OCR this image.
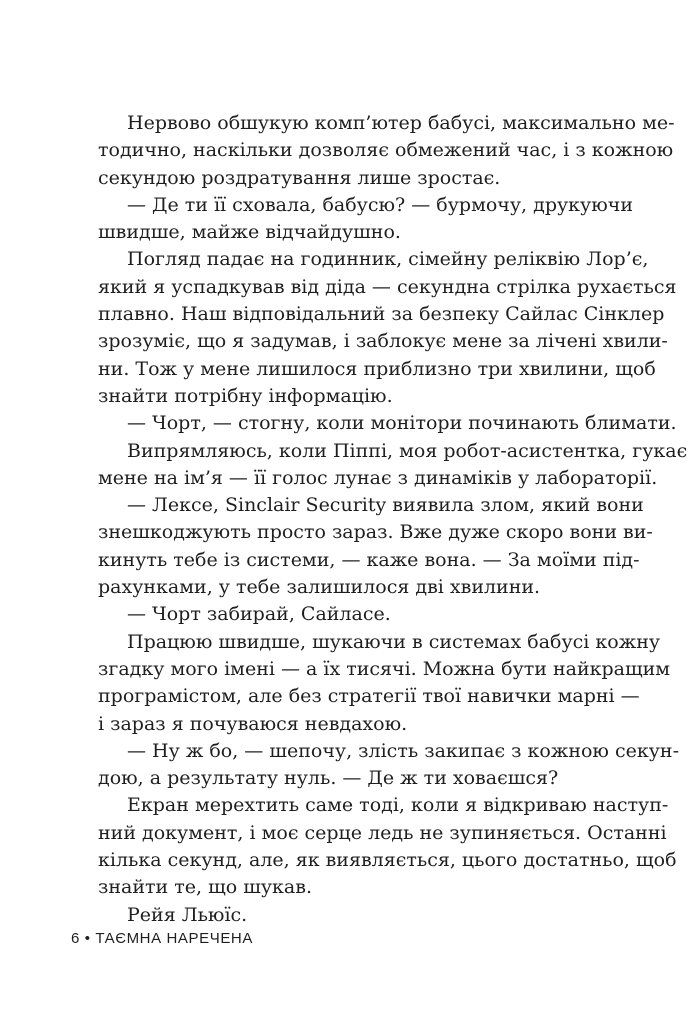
Нервово обшукую комп’ютер бабусі, максимально ме-
тодично, наскільки дозволяє обмежений час, і з кожною
секундою роздратування лише зростає.
— Де ти її сховала, бабусю? — бурмочу, друкуючи
швидше, майже відчайдушно.
Погляд падає на годинник, сімейну реліквію Лор’є,
який я успадкував від діда — секундна стрілка рухається
плавно. Наш відповідальний за безпеку Сайлас Сінклер
зрозуміє, що я задумав, і заблокує мене за лічені хвили-
ни. Тож у мене лишилося приблизно три хвилини, щоб
знайти потрібну інформацію.
— Чорт, — стогну, коли монітори починають блимати.
Випрямляюсь, коли Піппі, моя робот-асистентка, гукає
мене на ім’я — її голос лунає з динаміків у лабораторії.
— Лексе, Sinclair Security виявила злом, який вони
знешкоджують просто зараз. Вже дуже скоро вони ви-
кинуть тебе із системи, — каже вона. — За моїми під-
рахунками, у тебе залишилося дві хвилини.
— Чорт забирай, Сайласе.
Працюю швидше, шукаючи в системах бабусі кожну
згадку мого імені — а їх тисячі. Можна бути найкращим
програмістом, але без стратегії твої навички марні —
і зараз я почуваюся невдахою.
— Ну ж бо, — шепочу, злість закипає з кожною секун-
дою, а результату нуль. — Де ж ти ховаєшся?
Екран мерехтить саме тоді, коли я відкриваю наступ-
ний документ, і моє серце ледь не зупиняється. Останні
кілька секунд, але, як виявляється, цього достатньо, щоб
знайти те, що шукав.
Рейя Льюїс.
6 • ТАЄМНА НАРЕЧЕНА
